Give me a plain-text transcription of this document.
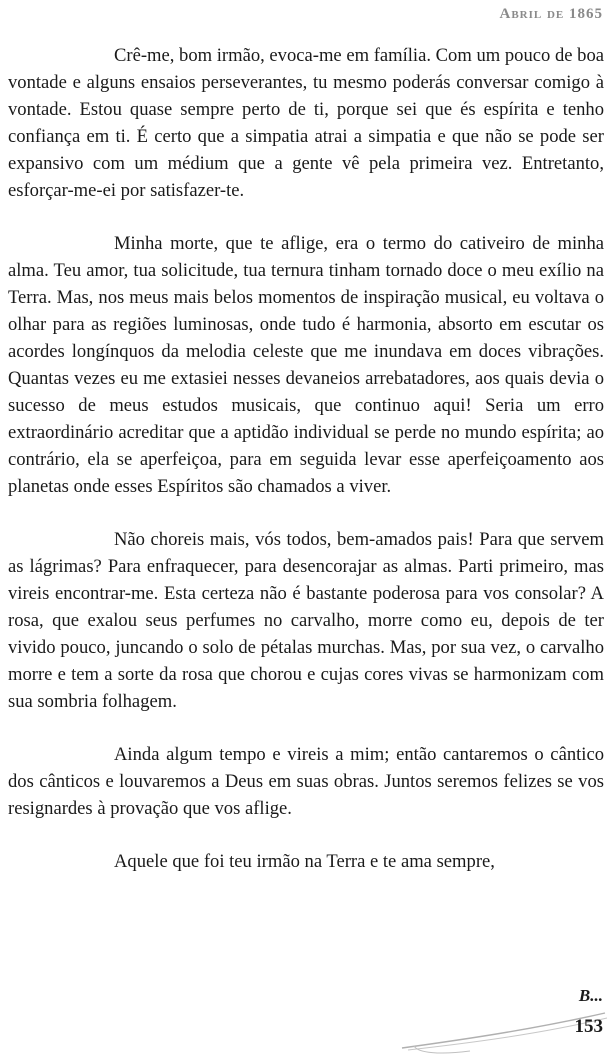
Abril de 1865

Crê-me, bom irmão, evoca-me em família. Com um pouco de boa vontade e alguns ensaios perseverantes, tu mesmo poderás conversar comigo à vontade. Estou quase sempre perto de ti, porque sei que és espírita e tenho confiança em ti. É certo que a simpatia atrai a simpatia e que não se pode ser expansivo com um médium que a gente vê pela primeira vez. Entretanto, esforçar-me-ei por satisfazer-te.

Minha morte, que te aflige, era o termo do cativeiro de minha alma. Teu amor, tua solicitude, tua ternura tinham tornado doce o meu exílio na Terra. Mas, nos meus mais belos momentos de inspiração musical, eu voltava o olhar para as regiões luminosas, onde tudo é harmonia, absorto em escutar os acordes longínquos da melodia celeste que me inundava em doces vibrações. Quantas vezes eu me extasiei nesses devaneios arrebatadores, aos quais devia o sucesso de meus estudos musicais, que continuo aqui! Seria um erro extraordinário acreditar que a aptidão individual se perde no mundo espírita; ao contrário, ela se aperfeiçoa, para em seguida levar esse aperfeiçoamento aos planetas onde esses Espíritos são chamados a viver.

Não choreis mais, vós todos, bem-amados pais! Para que servem as lágrimas? Para enfraquecer, para desencorajar as almas. Parti primeiro, mas vireis encontrar-me. Esta certeza não é bastante poderosa para vos consolar? A rosa, que exalou seus perfumes no carvalho, morre como eu, depois de ter vivido pouco, juncando o solo de pétalas murchas. Mas, por sua vez, o carvalho morre e tem a sorte da rosa que chorou e cujas cores vivas se harmonizam com sua sombria folhagem.

Ainda algum tempo e vireis a mim; então cantaremos o cântico dos cânticos e louvaremos a Deus em suas obras. Juntos seremos felizes se vos resignardes à provação que vos aflige.

Aquele que foi teu irmão na Terra e te ama sempre,

B...
153
